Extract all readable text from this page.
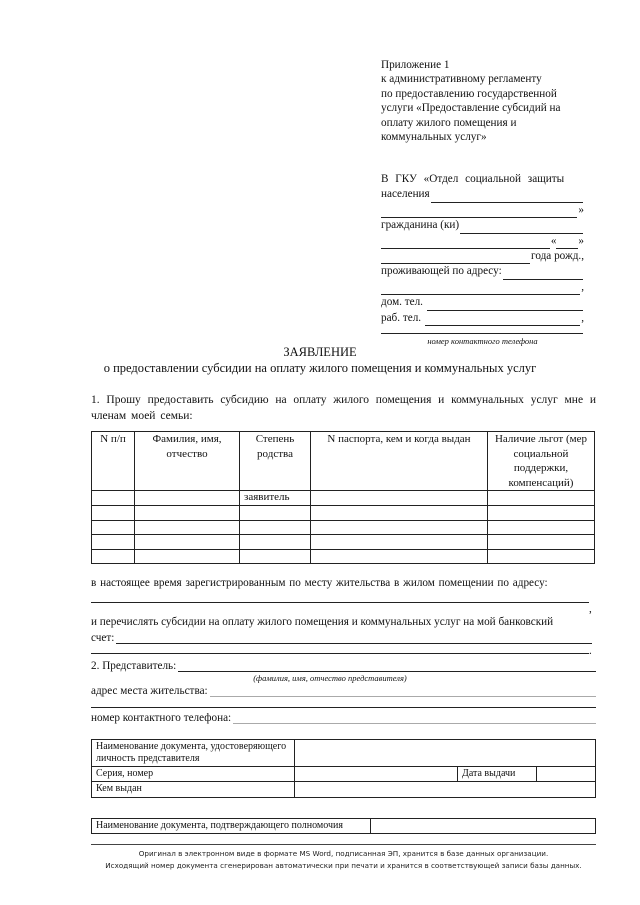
Приложение 1
к административному регламенту
по предоставлению государственной
услуги «Предоставление субсидий на
оплату жилого помещения и
коммунальных услуг»
В ГКУ «Отдел социальной защиты
населения
»
гражданина (ки)
« »
года рожд.,
проживающей по адресу:
,
дом. тел.
раб. тел.	,
номер контактного телефона
ЗАЯВЛЕНИЕ
о предоставлении субсидии на оплату жилого помещения и коммунальных услуг
1. Прошу предоставить субсидию на оплату жилого помещения и коммунальных услуг мне и членам моей семьи:
N п/п	Фамилия, имя, отчество	Степень родства	N паспорта, кем и когда выдан	Наличие льгот (мер социальной поддержки, компенсаций)
		заявитель		

в настоящее время зарегистрированным по месту жительства в жилом помещении по адресу:
,
и перечислять субсидии на оплату жилого помещения и коммунальных услуг на мой банковский
счет:
.
2. Представитель:
(фамилия, имя, отчество представителя)
адрес места жительства:
номер контактного телефона:
Наименование документа, удостоверяющего личность представителя			
Серия, номер		Дата выдачи	
Кем выдан			
Наименование документа, подтверждающего полномочия	
Оригинал в электронном виде в формате MS Word, подписанная ЭП, хранится в базе данных организации.
Исходящий номер документа сгенерирован автоматически при печати и хранится в соответствующей записи базы данных.
